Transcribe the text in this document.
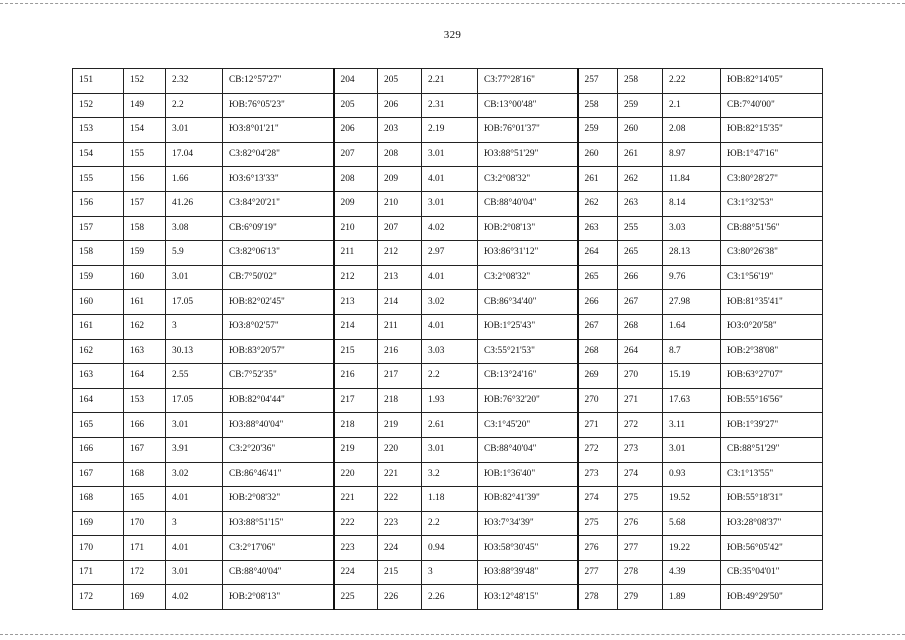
329
151	152	2.32	СВ:12°57'27"	204	205	2.21	СЗ:77°28'16"	257	258	2.22	ЮВ:82°14'05"
152	149	2.2	ЮВ:76°05'23"	205	206	2.31	СВ:13°00'48"	258	259	2.1	СВ:7°40'00"
153	154	3.01	ЮЗ:8°01'21"	206	203	2.19	ЮВ:76°01'37"	259	260	2.08	ЮВ:82°15'35"
154	155	17.04	СЗ:82°04'28"	207	208	3.01	ЮЗ:88°51'29"	260	261	8.97	ЮВ:1°47'16"
155	156	1.66	ЮЗ:6°13'33"	208	209	4.01	СЗ:2°08'32"	261	262	11.84	СЗ:80°28'27"
156	157	41.26	СЗ:84°20'21"	209	210	3.01	СВ:88°40'04"	262	263	8.14	СЗ:1°32'53"
157	158	3.08	СВ:6°09'19"	210	207	4.02	ЮВ:2°08'13"	263	255	3.03	СВ:88°51'56"
158	159	5.9	СЗ:82°06'13"	211	212	2.97	ЮЗ:86°31'12"	264	265	28.13	СЗ:80°26'38"
159	160	3.01	СВ:7°50'02"	212	213	4.01	СЗ:2°08'32"	265	266	9.76	СЗ:1°56'19"
160	161	17.05	ЮВ:82°02'45"	213	214	3.02	СВ:86°34'40"	266	267	27.98	ЮВ:81°35'41"
161	162	3	ЮЗ:8°02'57"	214	211	4.01	ЮВ:1°25'43"	267	268	1.64	ЮЗ:0°20'58"
162	163	30.13	ЮВ:83°20'57"	215	216	3.03	СЗ:55°21'53"	268	264	8.7	ЮВ:2°38'08"
163	164	2.55	СВ:7°52'35"	216	217	2.2	СВ:13°24'16"	269	270	15.19	ЮВ:63°27'07"
164	153	17.05	ЮВ:82°04'44"	217	218	1.93	ЮВ:76°32'20"	270	271	17.63	ЮВ:55°16'56"
165	166	3.01	ЮЗ:88°40'04"	218	219	2.61	СЗ:1°45'20"	271	272	3.11	ЮВ:1°39'27"
166	167	3.91	СЗ:2°20'36"	219	220	3.01	СВ:88°40'04"	272	273	3.01	СВ:88°51'29"
167	168	3.02	СВ:86°46'41"	220	221	3.2	ЮВ:1°36'40"	273	274	0.93	СЗ:1°13'55"
168	165	4.01	ЮВ:2°08'32"	221	222	1.18	ЮВ:82°41'39"	274	275	19.52	ЮВ:55°18'31"
169	170	3	ЮЗ:88°51'15"	222	223	2.2	ЮЗ:7°34'39"	275	276	5.68	ЮЗ:28°08'37"
170	171	4.01	СЗ:2°17'06"	223	224	0.94	ЮЗ:58°30'45"	276	277	19.22	ЮВ:56°05'42"
171	172	3.01	СВ:88°40'04"	224	215	3	ЮЗ:88°39'48"	277	278	4.39	СВ:35°04'01"
172	169	4.02	ЮВ:2°08'13"	225	226	2.26	ЮЗ:12°48'15"	278	279	1.89	ЮВ:49°29'50"
